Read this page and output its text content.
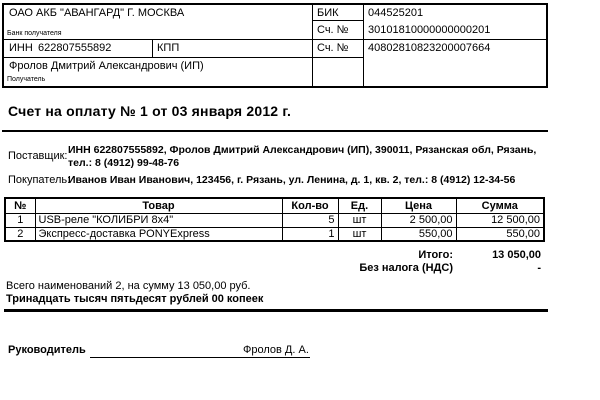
ОАО АКБ "АВАНГАРД" Г. МОСКВА
Банк получателя
ИНН 622807555892	КПП
Фролов Дмитрий Александрович (ИП)
Получатель
БИК	044525201
Сч. № 30101810000000000201
Сч. № 40802810823200007664
Счет на оплату № 1 от 03 января 2012 г.
Поставщик: ИНН 622807555892, Фролов Дмитрий Александрович (ИП), 390011, Рязанская обл, Рязань, тел.: 8 (4912) 99-48-76
Покупатель:
Иванов Иван Иванович, 123456, г. Рязань, ул. Ленина, д. 1, кв. 2, тел.: 8 (4912) 12-34-56
№	Товар	Кол-во	Ед.	Цена	Сумма
1	USB-реле "КОЛИБРИ 8x4"	5	шт	2 500,00	12 500,00
2	Экспресс-доставка PONYExpress	1	шт	550,00	550,00
Итого:	13 050,00
Без налога (НДС)	-
Всего наименований 2, на сумму 13 050,00 руб.
Тринадцать тысяч пятьдесят рублей 00 копеек
Руководитель	Фролов Д. А.
